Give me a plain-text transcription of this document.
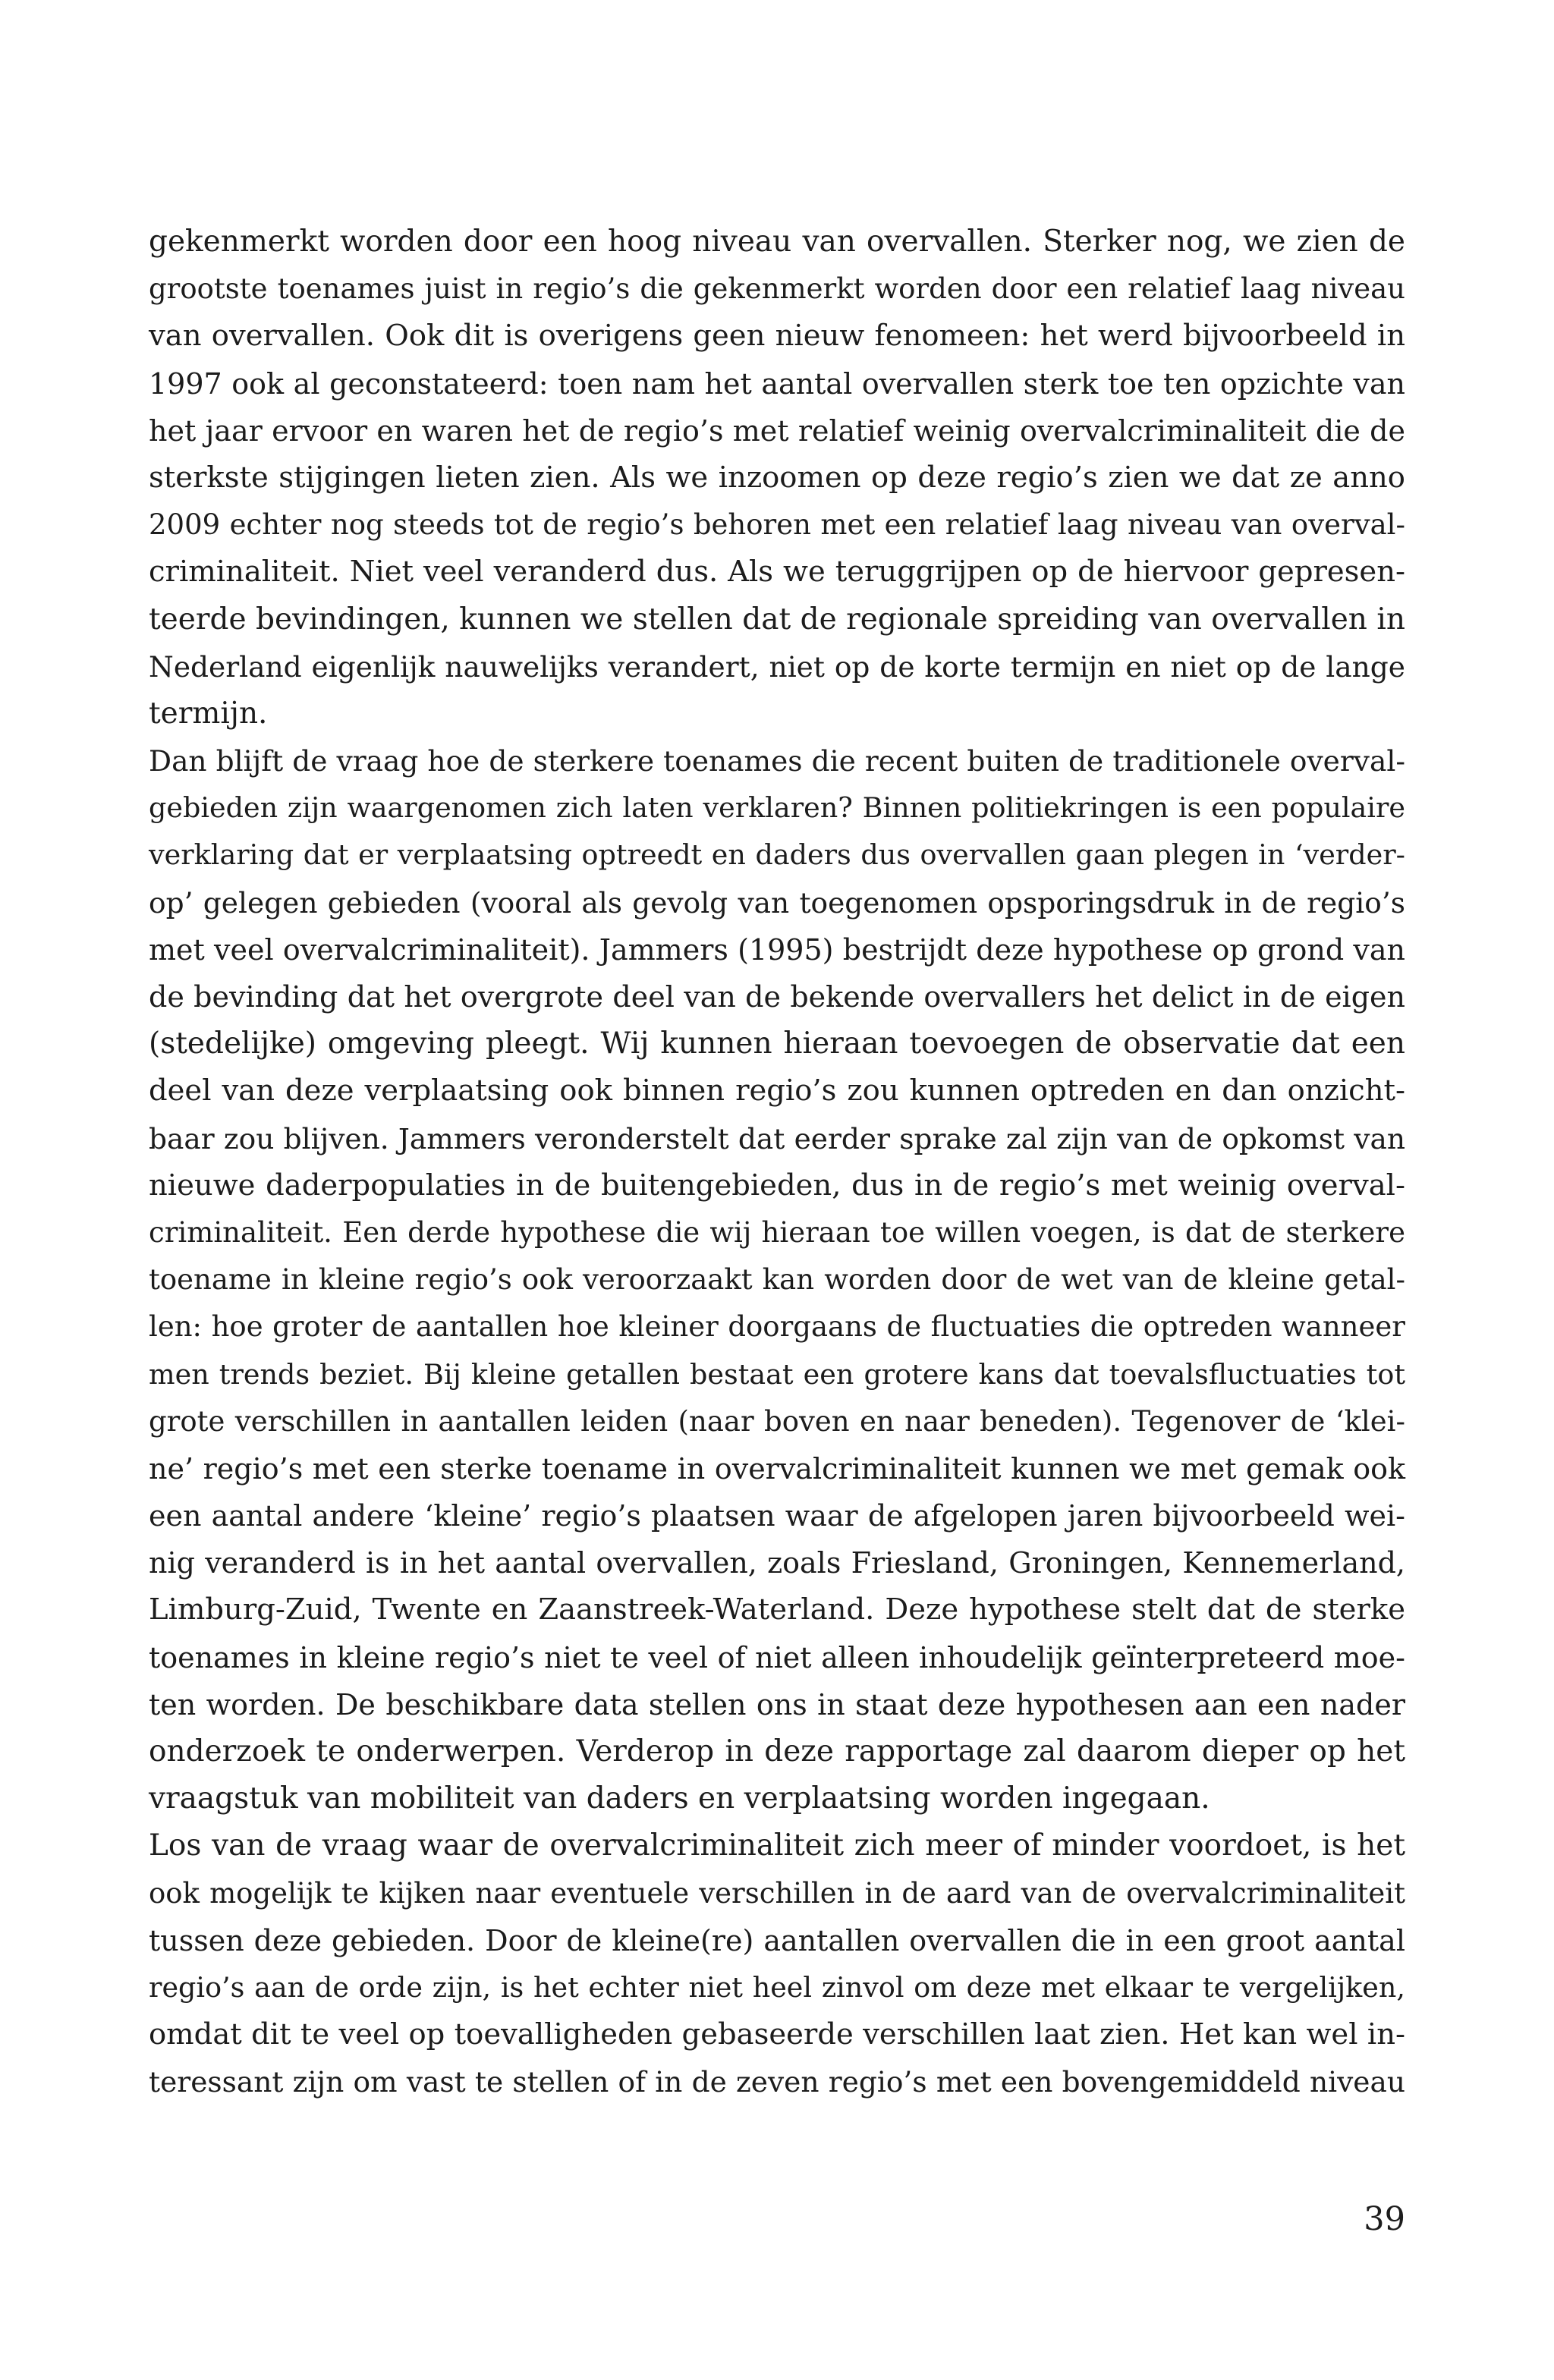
gekenmerkt worden door een hoog niveau van overvallen. Sterker nog, we zien de
grootste toenames juist in regio’s die gekenmerkt worden door een relatief laag niveau
van overvallen. Ook dit is overigens geen nieuw fenomeen: het werd bijvoorbeeld in
1997 ook al geconstateerd: toen nam het aantal overvallen sterk toe ten opzichte van
het jaar ervoor en waren het de regio’s met relatief weinig overvalcriminaliteit die de
sterkste stijgingen lieten zien. Als we inzoomen op deze regio’s zien we dat ze anno
2009 echter nog steeds tot de regio’s behoren met een relatief laag niveau van overval-
criminaliteit. Niet veel veranderd dus. Als we teruggrijpen op de hiervoor gepresen-
teerde bevindingen, kunnen we stellen dat de regionale spreiding van overvallen in
Nederland eigenlijk nauwelijks verandert, niet op de korte termijn en niet op de lange
termijn.
Dan blijft de vraag hoe de sterkere toenames die recent buiten de traditionele overval-
gebieden zijn waargenomen zich laten verklaren? Binnen politiekringen is een populaire
verklaring dat er verplaatsing optreedt en daders dus overvallen gaan plegen in ‘verder-
op’ gelegen gebieden (vooral als gevolg van toegenomen opsporingsdruk in de regio’s
met veel overvalcriminaliteit). Jammers (1995) bestrijdt deze hypothese op grond van
de bevinding dat het overgrote deel van de bekende overvallers het delict in de eigen
(stedelijke) omgeving pleegt. Wij kunnen hieraan toevoegen de observatie dat een
deel van deze verplaatsing ook binnen regio’s zou kunnen optreden en dan onzicht-
baar zou blijven. Jammers veronderstelt dat eerder sprake zal zijn van de opkomst van
nieuwe daderpopulaties in de buitengebieden, dus in de regio’s met weinig overval-
criminaliteit. Een derde hypothese die wij hieraan toe willen voegen, is dat de sterkere
toename in kleine regio’s ook veroorzaakt kan worden door de wet van de kleine getal-
len: hoe groter de aantallen hoe kleiner doorgaans de fluctuaties die optreden wanneer
men trends beziet. Bij kleine getallen bestaat een grotere kans dat toevalsfluctuaties tot
grote verschillen in aantallen leiden (naar boven en naar beneden). Tegenover de ‘klei-
ne’ regio’s met een sterke toename in overvalcriminaliteit kunnen we met gemak ook
een aantal andere ‘kleine’ regio’s plaatsen waar de afgelopen jaren bijvoorbeeld wei-
nig veranderd is in het aantal overvallen, zoals Friesland, Groningen, Kennemerland,
Limburg-Zuid, Twente en Zaanstreek-Waterland. Deze hypothese stelt dat de sterke
toenames in kleine regio’s niet te veel of niet alleen inhoudelijk geïnterpreteerd moe-
ten worden. De beschikbare data stellen ons in staat deze hypothesen aan een nader
onderzoek te onderwerpen. Verderop in deze rapportage zal daarom dieper op het
vraagstuk van mobiliteit van daders en verplaatsing worden ingegaan.
Los van de vraag waar de overvalcriminaliteit zich meer of minder voordoet, is het
ook mogelijk te kijken naar eventuele verschillen in de aard van de overvalcriminaliteit
tussen deze gebieden. Door de kleine(re) aantallen overvallen die in een groot aantal
regio’s aan de orde zijn, is het echter niet heel zinvol om deze met elkaar te vergelijken,
omdat dit te veel op toevalligheden gebaseerde verschillen laat zien. Het kan wel in-
teressant zijn om vast te stellen of in de zeven regio’s met een bovengemiddeld niveau
39
